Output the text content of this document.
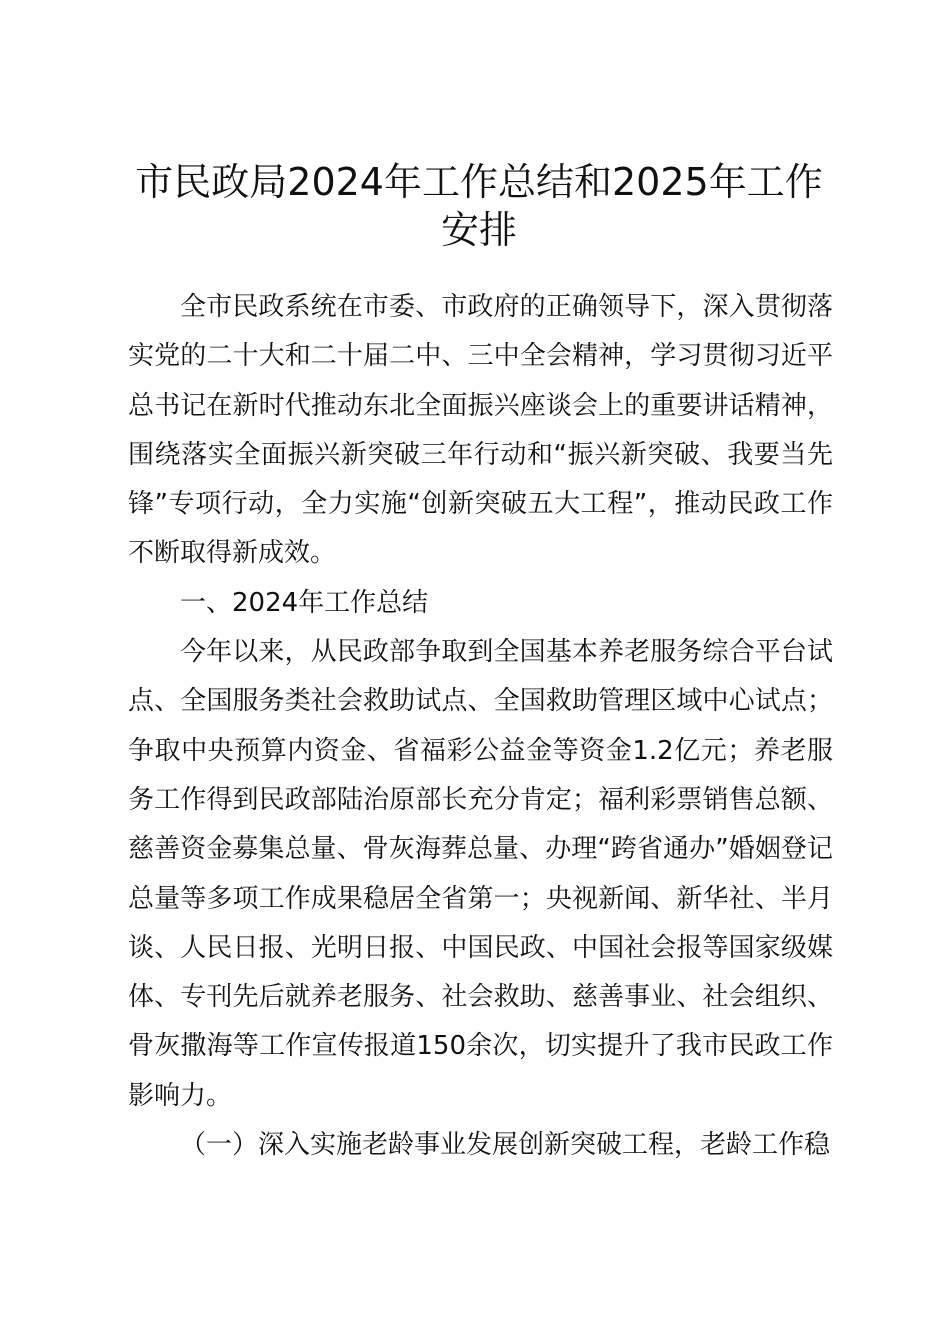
市民政局2024年工作总结和2025年工作安排

全市民政系统在市委、市政府的正确领导下，深入贯彻落实党的二十大和二十届二中、三中全会精神，学习贯彻习近平总书记在新时代推动东北全面振兴座谈会上的重要讲话精神，围绕落实全面振兴新突破三年行动和“振兴新突破、我要当先锋”专项行动，全力实施“创新突破五大工程”，推动民政工作不断取得新成效。

一、2024年工作总结

今年以来，从民政部争取到全国基本养老服务综合平台试点、全国服务类社会救助试点、全国救助管理区域中心试点；争取中央预算内资金、省福彩公益金等资金1.2亿元；养老服务工作得到民政部陆治原部长充分肯定；福利彩票销售总额、慈善资金募集总量、骨灰海葬总量、办理“跨省通办”婚姻登记总量等多项工作成果稳居全省第一；央视新闻、新华社、半月谈、人民日报、光明日报、中国民政、中国社会报等国家级媒体、专刊先后就养老服务、社会救助、慈善事业、社会组织、骨灰撒海等工作宣传报道150余次，切实提升了我市民政工作影响力。

（一）深入实施老龄事业发展创新突破工程，老龄工作稳
